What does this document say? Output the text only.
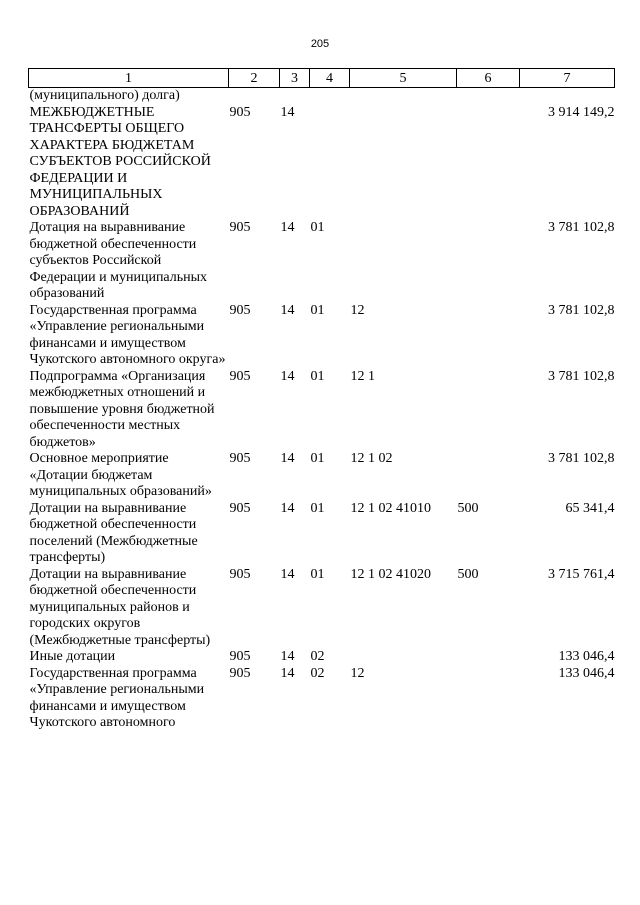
205
1	2	3	4	5	6	7
(муниципального) долга)						
МЕЖБЮДЖЕТНЫЕ ТРАНСФЕРТЫ ОБЩЕГО ХАРАКТЕРА БЮДЖЕТАМ СУБЪЕКТОВ РОССИЙСКОЙ ФЕДЕРАЦИИ И МУНИЦИПАЛЬНЫХ ОБРАЗОВАНИЙ	905	14				3 914 149,2
Дотация на выравнивание бюджетной обеспеченности субъектов Российской Федерации и муниципальных образований	905	14	01			3 781 102,8
Государственная программа «Управление региональными финансами и имуществом Чукотского автономного округа»	905	14	01	12		3 781 102,8
Подпрограмма «Организация межбюджетных отношений и повышение уровня бюджетной обеспеченности местных бюджетов»	905	14	01	12 1		3 781 102,8
Основное мероприятие «Дотации бюджетам муниципальных образований»	905	14	01	12 1 02		3 781 102,8
Дотации на выравнивание бюджетной обеспеченности поселений (Межбюджетные трансферты)	905	14	01	12 1 02 41010	500	65 341,4
Дотации на выравнивание бюджетной обеспеченности муниципальных районов и городских округов (Межбюджетные трансферты)	905	14	01	12 1 02 41020	500	3 715 761,4
Иные дотации	905	14	02			133 046,4
Государственная программа «Управление региональными финансами и имуществом Чукотского автономного	905	14	02	12		133 046,4
